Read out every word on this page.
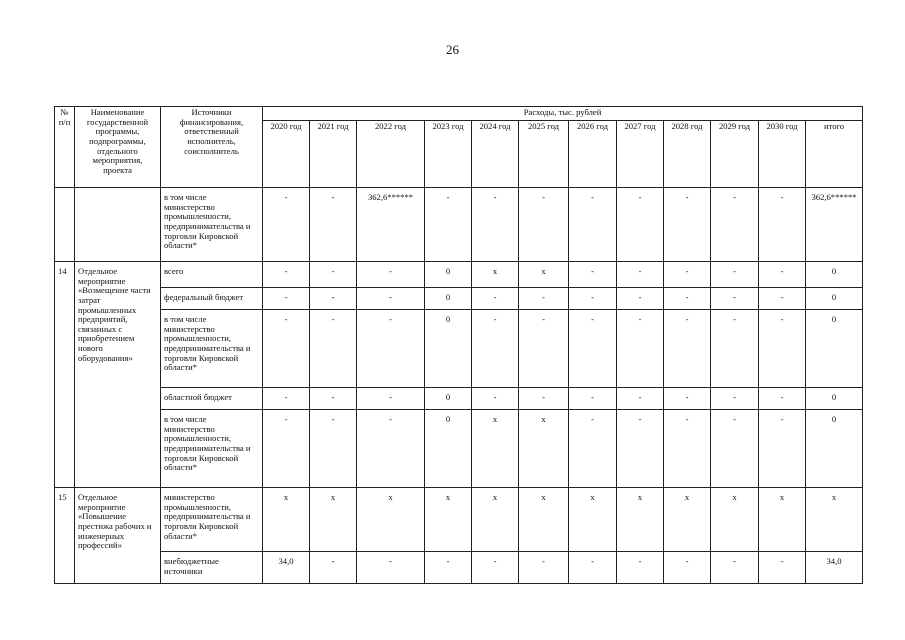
26
№ п/п	Наименование государственной программы, подпрограммы, отдельного мероприятия, проекта	Источники финансирования, ответственный исполнитель, соисполнитель	Расходы, тыс. рублей											
			2020 год	2021 год	2022 год	2023 год	2024 год	2025 год	2026 год	2027 год	2028 год	2029 год	2030 год	итого
		в том числе министерство промышленности, предпринимательства и торговли Кировской области*	-	-	362,6******	-	-	-	-	-	-	-	-	362,6******
14	Отдельное мероприятие «Возмещение части затрат промышленных предприятий, связанных с приобретением нового оборудования»	всего	-	-	-	0	x	x	-	-	-	-	-	0
		федеральный бюджет	-	-	-	0	-	-	-	-	-	-	-	0
		в том числе министерство промышленности, предпринимательства и торговли Кировской области*	-	-	-	0	-	-	-	-	-	-	-	0
		областной бюджет	-	-	-	0	-	-	-	-	-	-	-	0
		в том числе министерство промышленности, предпринимательства и торговли Кировской области*	-	-	-	0	x	x	-	-	-	-	-	0
15	Отдельное мероприятие «Повышение престижа рабочих и инженерных профессий»	министерство промышленности, предпринимательства и торговли Кировской области*	x	x	x	x	x	x	x	x	x	x	x	x
		внебюджетные источники	34,0	-	-	-	-	-	-	-	-	-	-	34,0
